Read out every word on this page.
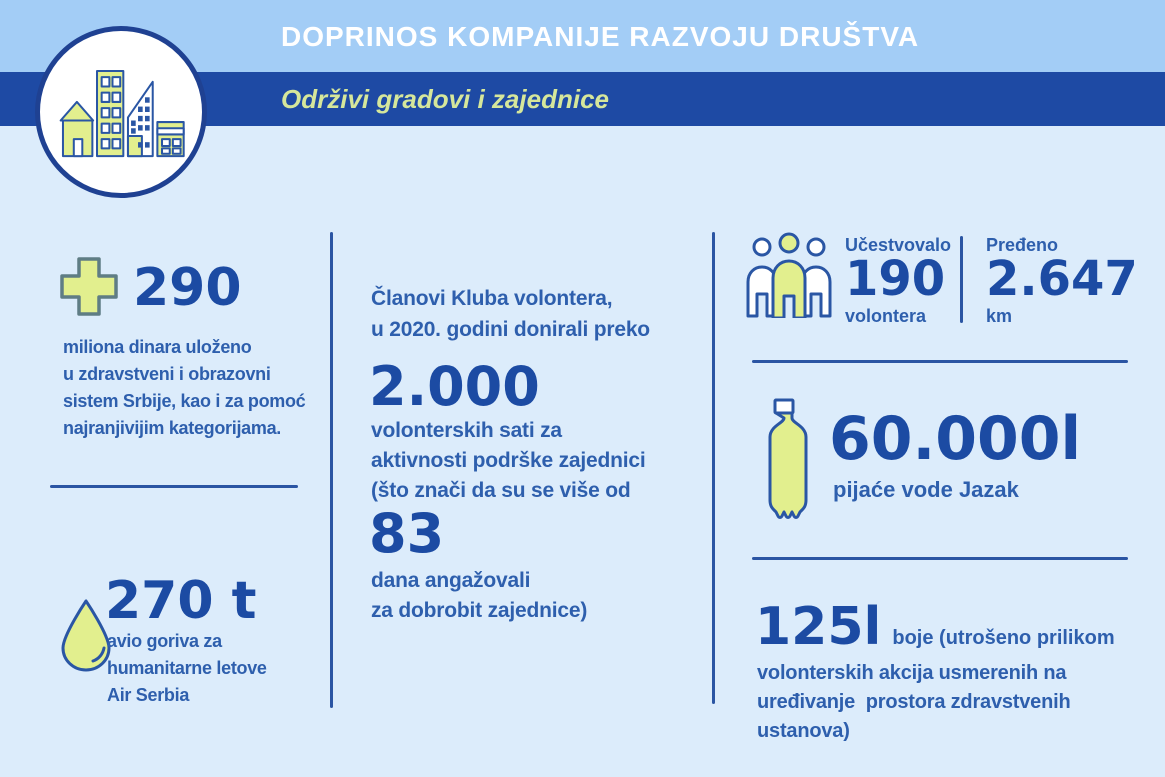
DOPRINOS KOMPANIJE RAZVOJU DRUŠTVA
Održivi gradovi i zajednice
290
miliona dinara uloženo
u zdravstveni i obrazovni
sistem Srbije, kao i za pomoć
najranjivijim kategorijama.
270 t
avio goriva za
humanitarne letove
Air Serbia
Članovi Kluba volontera,
u 2020. godini donirali preko
2.000
volonterskih sati za
aktivnosti podrške zajednici
(što znači da su se više od
83
dana angažovali
za dobrobit zajednice)
Učestvovalo
190
volontera
Pređeno
2.647
km
60.000l
pijaće vode Jazak
125l boje (utrošeno prilikom
volonterskih akcija usmerenih na
uređivanje  prostora zdravstvenih ustanova)
